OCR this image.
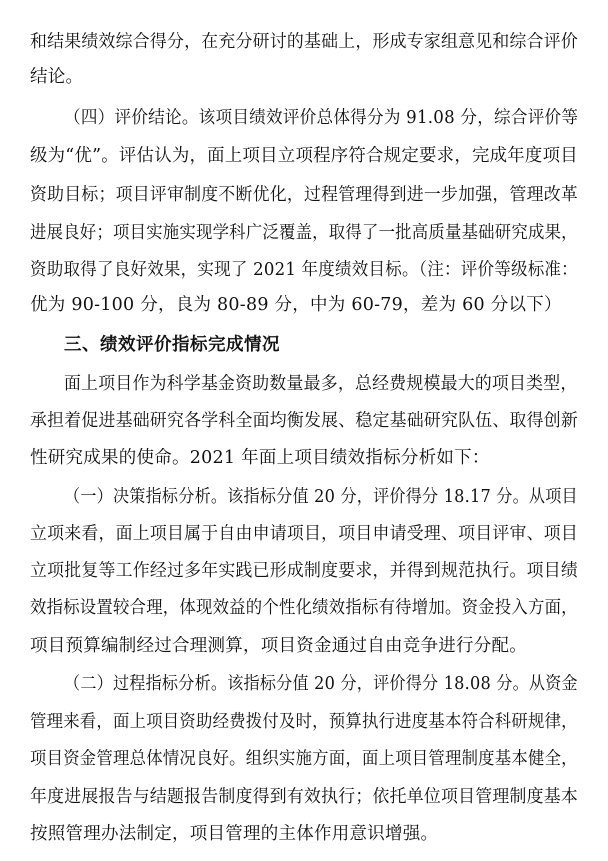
和结果绩效综合得分，在充分研讨的基础上，形成专家组意见和综合评价
结论。
（四）评价结论。该项目绩效评价总体得分为 91.08 分，综合评价等
级为“优”。评估认为，面上项目立项程序符合规定要求，完成年度项目
资助目标；项目评审制度不断优化，过程管理得到进一步加强，管理改革
进展良好；项目实施实现学科广泛覆盖，取得了一批高质量基础研究成果，
资助取得了良好效果，实现了 2021 年度绩效目标。（注：评价等级标准：
优为 90-100 分，良为 80-89 分，中为 60-79，差为 60 分以下）
三、绩效评价指标完成情况
面上项目作为科学基金资助数量最多，总经费规模最大的项目类型，
承担着促进基础研究各学科全面均衡发展、稳定基础研究队伍、取得创新
性研究成果的使命。2021 年面上项目绩效指标分析如下：
（一）决策指标分析。该指标分值 20 分，评价得分 18.17 分。从项目
立项来看，面上项目属于自由申请项目，项目申请受理、项目评审、项目
立项批复等工作经过多年实践已形成制度要求，并得到规范执行。项目绩
效指标设置较合理，体现效益的个性化绩效指标有待增加。资金投入方面，
项目预算编制经过合理测算，项目资金通过自由竞争进行分配。
（二）过程指标分析。该指标分值 20 分，评价得分 18.08 分。从资金
管理来看，面上项目资助经费拨付及时，预算执行进度基本符合科研规律，
项目资金管理总体情况良好。组织实施方面，面上项目管理制度基本健全，
年度进展报告与结题报告制度得到有效执行；依托单位项目管理制度基本
按照管理办法制定，项目管理的主体作用意识增强。
